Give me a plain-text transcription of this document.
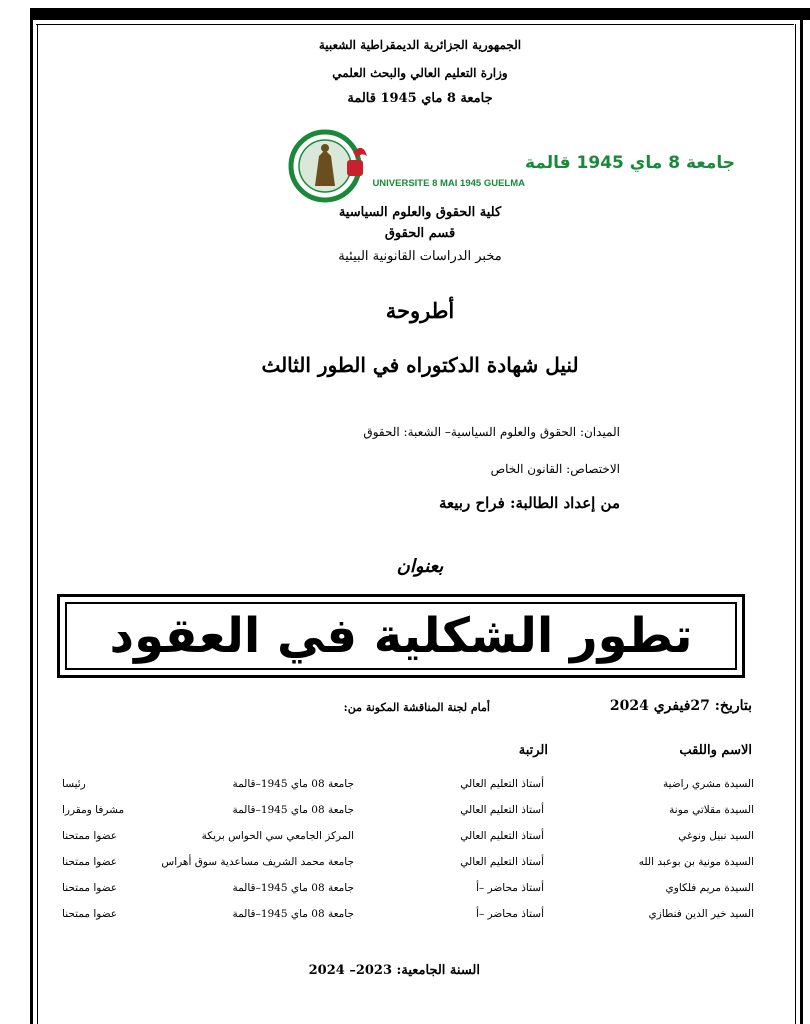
الجمهورية الجزائرية الديمقراطية الشعبية
وزارة التعليم العالي والبحث العلمي
جامعة 8 ماي 1945 قالمة
جامعة 8 ماي 1945 قالمة
UNIVERSITE 8 MAI 1945 GUELMA
كلية الحقوق والعلوم السياسية
قسم الحقوق
مخبر الدراسات القانونية البيئية
أطروحة
لنيل شهادة الدكتوراه في الطور الثالث
الميدان: الحقوق والعلوم السياسية– الشعبة: الحقوق
الاختصاص: القانون الخاص
من إعداد الطالبة: فراح ربيعة
بعنوان
تطور الشكلية في العقود
بتاريخ: 27فيفري 2024
أمام لجنة المناقشة المكونة من:
الاسم واللقب
الرتبة
السيدة مشري راضية
أستاذ التعليم العالي
جامعة 08 ماي 1945–قالمة
رئيسا
السيدة مقلاتي مونة
أستاذ التعليم العالي
جامعة 08 ماي 1945–قالمة
مشرفا ومقررا
السيد نبيل ونوغي
أستاذ التعليم العالي
المركز الجامعي سي الحواس بريكة
عضوا ممتحنا
السيدة مونية بن بوعبد الله
أستاذ التعليم العالي
جامعة محمد الشريف مساعدية سوق أهراس
عضوا ممتحنا
السيدة مريم فلكاوي
أستاذ محاضر –أ
جامعة 08 ماي 1945–قالمة
عضوا ممتحنا
السيد خير الدين فنطازي
أستاذ محاضر –أ
جامعة 08 ماي 1945–قالمة
عضوا ممتحنا
السنة الجامعية: 2023– 2024
